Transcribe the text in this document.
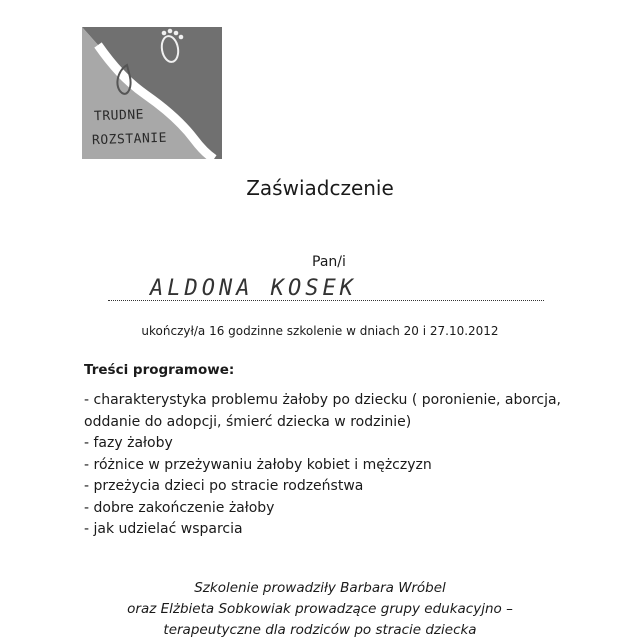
TRUDNE
ROZSTANIE
Zaświadczenie
Pan/i
ALDONA KOSEK
ukończył/a 16 godzinne szkolenie w dniach 20 i 27.10.2012
Treści programowe:
- charakterystyka problemu żałoby po dziecku ( poronienie, aborcja,
oddanie do adopcji, śmierć dziecka w rodzinie)
- fazy żałoby
- różnice w przeżywaniu żałoby kobiet i mężczyzn
- przeżycia dzieci po stracie rodzeństwa
- dobre zakończenie żałoby
- jak udzielać wsparcia
Szkolenie prowadziły Barbara Wróbel
oraz Elżbieta Sobkowiak prowadzące grupy edukacyjno –
terapeutyczne dla rodziców po stracie dziecka
